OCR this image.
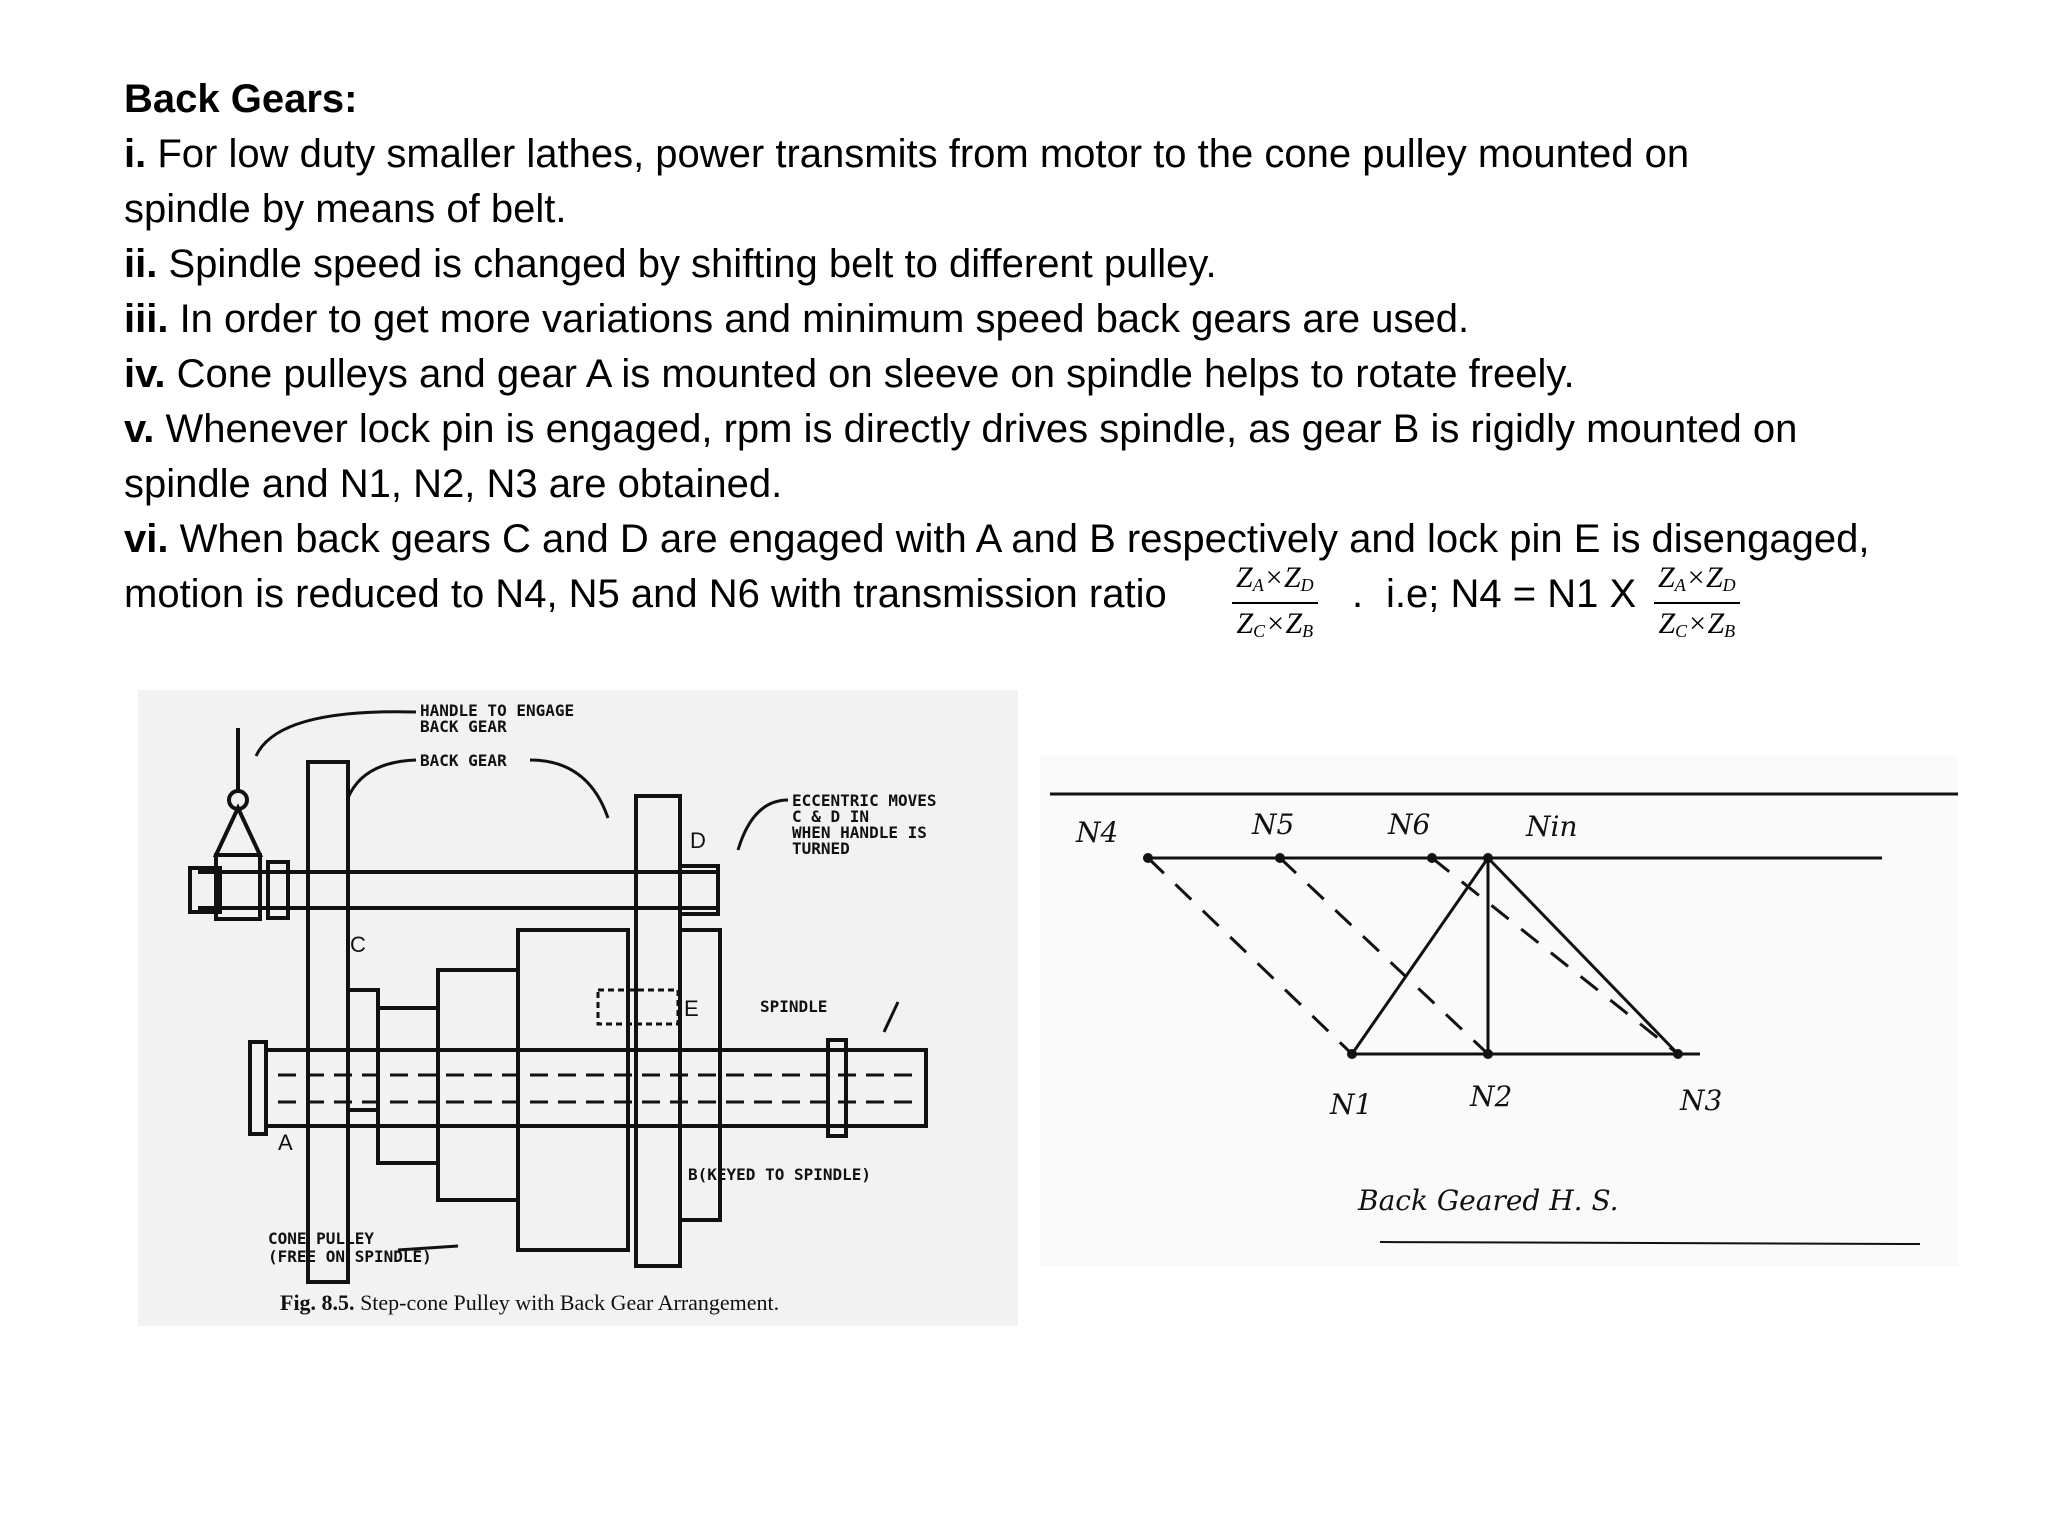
Back Gears:
i. For low duty smaller lathes, power transmits from motor to the cone pulley mounted on
spindle by means of belt.
ii. Spindle speed is changed by shifting belt to different pulley.
iii. In order to get more variations and minimum speed back gears are used.
iv. Cone pulleys and gear A is mounted on sleeve on spindle helps to rotate freely.
v. Whenever lock pin is engaged, rpm is directly drives spindle, as gear B is rigidly mounted on
spindle and N1, N2, N3 are obtained.
vi. When back gears C and D are engaged with A and B respectively and lock pin E is disengaged,
motion is reduced to N4, N5 and N6 with transmission ratio $\frac{Z_A\times Z_D}{Z_C\times Z_B}$ . i.e; N4 = N1 X $\frac{Z_A\times Z_D}{Z_C\times Z_B}$
HANDLE TO ENGAGE
BACK GEAR
BACK GEAR
ECCENTRIC MOVES
C & D IN
WHEN HANDLE IS
TURNED
D
C
E
A
SPINDLE
B(KEYED TO SPINDLE)
CONE PULLEY
(FREE ON SPINDLE)
Fig. 8.5. Step-cone Pulley with Back Gear Arrangement.
N4	N5	N6	Nin
N1	N2	N3
Back Geared H. S.
